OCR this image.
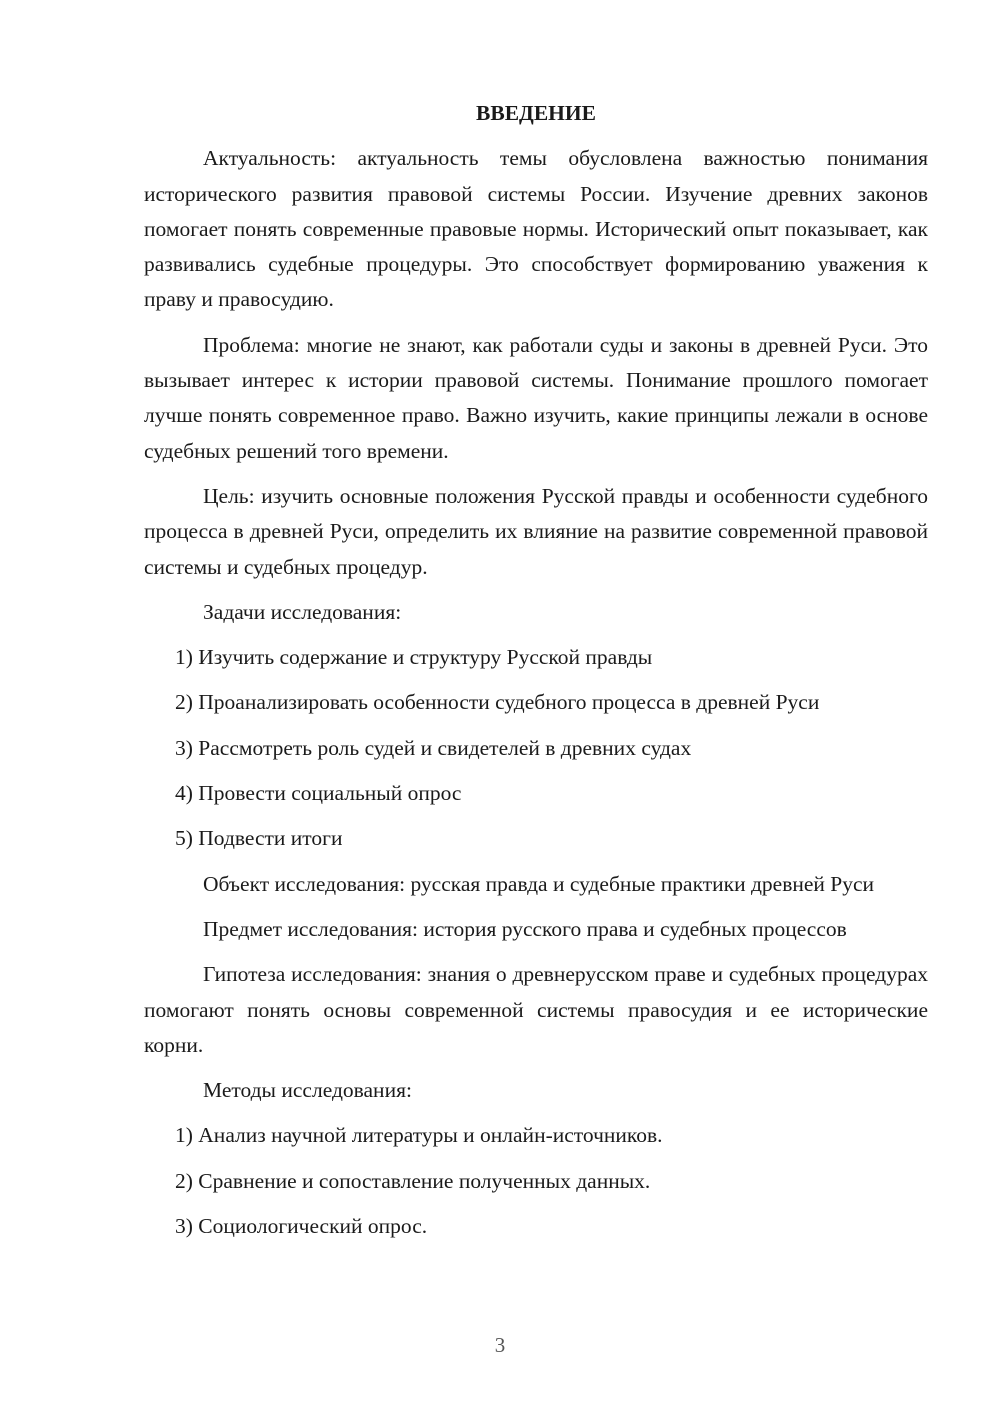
ВВЕДЕНИЕ

Актуальность: актуальность темы обусловлена важностью понимания исторического развития правовой системы России. Изучение древних законов помогает понять современные правовые нормы. Исторический опыт показывает, как развивались судебные процедуры. Это способствует формированию уважения к праву и правосудию.

Проблема: многие не знают, как работали суды и законы в древней Руси. Это вызывает интерес к истории правовой системы. Понимание прошлого помогает лучше понять современное право. Важно изучить, какие принципы лежали в основе судебных решений того времени.

Цель: изучить основные положения Русской правды и особенности судебного процесса в древней Руси, определить их влияние на развитие современной правовой системы и судебных процедур.

Задачи исследования:

1) Изучить содержание и структуру Русской правды

2) Проанализировать особенности судебного процесса в древней Руси

3) Рассмотреть роль судей и свидетелей в древних судах

4) Провести социальный опрос

5) Подвести итоги

Объект исследования: русская правда и судебные практики древней Руси

Предмет исследования: история русского права и судебных процессов

Гипотеза исследования: знания о древнерусском праве и судебных процедурах помогают понять основы современной системы правосудия и ее исторические корни.

Методы исследования:

1) Анализ научной литературы и онлайн-источников.

2) Сравнение и сопоставление полученных данных.

3) Социологический опрос.

3
